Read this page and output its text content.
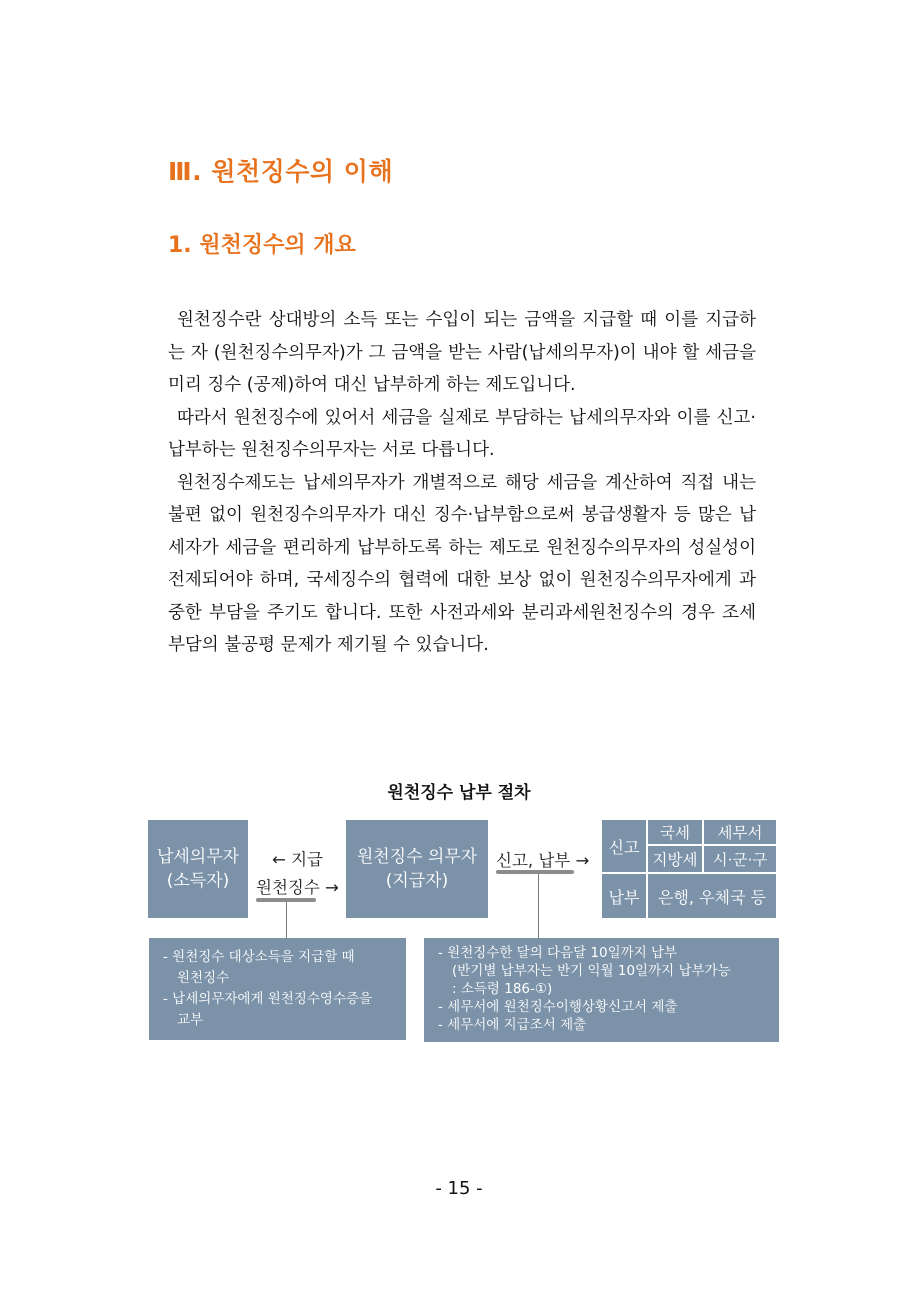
Ⅲ. 원천징수의 이해
1. 원천징수의 개요

원천징수란 상대방의 소득 또는 수입이 되는 금액을 지급할 때 이를 지급하는 자 (원천징수의무자)가 그 금액을 받는 사람(납세의무자)이 내야 할 세금을 미리 징수 (공제)하여 대신 납부하게 하는 제도입니다.

따라서 원천징수에 있어서 세금을 실제로 부담하는 납세의무자와 이를 신고·납부하는 원천징수의무자는 서로 다릅니다.

원천징수제도는 납세의무자가 개별적으로 해당 세금을 계산하여 직접 내는 불편 없이 원천징수의무자가 대신 징수·납부함으로써 봉급생활자 등 많은 납세자가 세금을 편리하게 납부하도록 하는 제도로 원천징수의무자의 성실성이 전제되어야 하며, 국세징수의 협력에 대한 보상 없이 원천징수의무자에게 과중한 부담을 주기도 합니다. 또한 사전과세와 분리과세원천징수의 경우 조세부담의 불공평 문제가 제기될 수 있습니다.

원천징수 납부 절차
납세의무자
(소득자)
← 지급
원천징수 →
원천징수 의무자
(지급자)
신고, 납부 →
신고
국세	세무서
지방세 시·군·구
납부	은행, 우체국 등
- 원천징수 대상소득을 지급할 때
원천징수
- 납세의무자에게 원천징수영수증을
교부
- 원천징수한 달의 다음달 10일까지 납부
(반기별 납부자는 반기 익월 10일까지 납부가능
: 소득령 186-①)
- 세무서에 원천징수이행상황신고서 제출
- 세무서에 지급조서 제출
- 15 -
